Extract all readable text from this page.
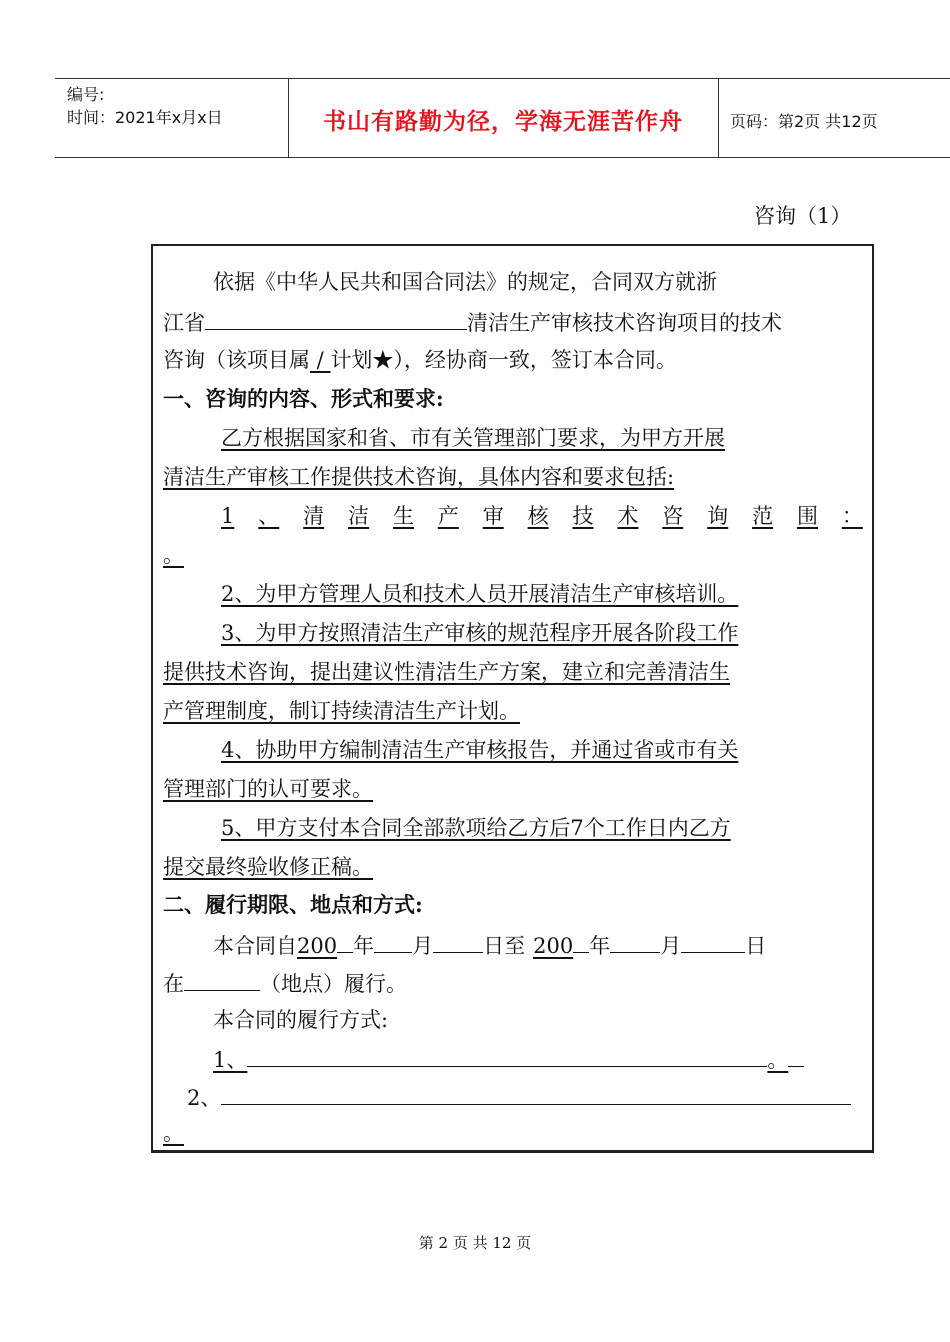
编号:
时间：2021年x月x日	书山有路勤为径，学海无涯苦作舟	页码：第2页 共12页
咨询（1）
依据《中华人民共和国合同法》的规定，合同双方就浙
江省	清洁生产审核技术咨询项目的技术
咨询（该项目属 / 计划★），经协商一致，签订本合同。
一、咨询的内容、形式和要求:
乙方根据国家和省、市有关管理部门要求，为甲方开展
清洁生产审核工作提供技术咨询，具体内容和要求包括:
1 、 清 洁 生 产 审 核 技 术 咨 询 范 围 ：
。
2、为甲方管理人员和技术人员开展清洁生产审核培训。
3、为甲方按照清洁生产审核的规范程序开展各阶段工作
提供技术咨询，提出建议性清洁生产方案，建立和完善清洁生
产管理制度，制订持续清洁生产计划。
4、协助甲方编制清洁生产审核报告，并通过省或市有关
管理部门的认可要求。
5、甲方支付本合同全部款项给乙方后7个工作日内乙方
提交最终验收修正稿。
二、履行期限、地点和方式:
本合同自200 年 月 日至 200 年 月	日
在	（地点）履行。
本合同的履行方式:
1、	。
2、
。
第 2 页 共 12 页
